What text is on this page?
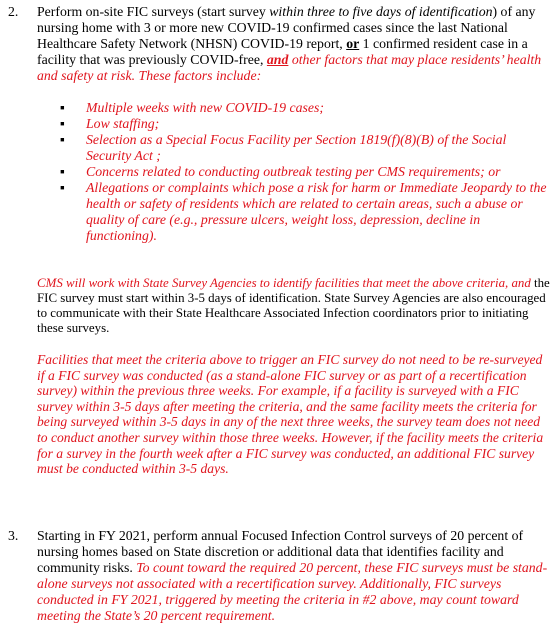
2. Perform on-site FIC surveys (start survey within three to five days of identification) of any nursing home with 3 or more new COVID-19 confirmed cases since the last National Healthcare Safety Network (NHSN) COVID-19 report, or 1 confirmed resident case in a facility that was previously COVID-free, and other factors that may place residents’ health and safety at risk. These factors include:
▪ Multiple weeks with new COVID-19 cases;
▪ Low staffing;
▪ Selection as a Special Focus Facility per Section 1819(f)(8)(B) of the Social Security Act ;
▪ Concerns related to conducting outbreak testing per CMS requirements; or
▪ Allegations or complaints which pose a risk for harm or Immediate Jeopardy to the health or safety of residents which are related to certain areas, such a abuse or quality of care (e.g., pressure ulcers, weight loss, depression, decline in functioning).
CMS will work with State Survey Agencies to identify facilities that meet the above criteria, and the FIC survey must start within 3-5 days of identification. State Survey Agencies are also encouraged to communicate with their State Healthcare Associated Infection coordinators prior to initiating these surveys.
Facilities that meet the criteria above to trigger an FIC survey do not need to be re-surveyed if a FIC survey was conducted (as a stand-alone FIC survey or as part of a recertification survey) within the previous three weeks. For example, if a facility is surveyed with a FIC survey within 3-5 days after meeting the criteria, and the same facility meets the criteria for being surveyed within 3-5 days in any of the next three weeks, the survey team does not need to conduct another survey within those three weeks. However, if the facility meets the criteria for a survey in the fourth week after a FIC survey was conducted, an additional FIC survey must be conducted within 3-5 days.
3. Starting in FY 2021, perform annual Focused Infection Control surveys of 20 percent of nursing homes based on State discretion or additional data that identifies facility and community risks. To count toward the required 20 percent, these FIC surveys must be stand-alone surveys not associated with a recertification survey. Additionally, FIC surveys conducted in FY 2021, triggered by meeting the criteria in #2 above, may count toward meeting the State’s 20 percent requirement.
